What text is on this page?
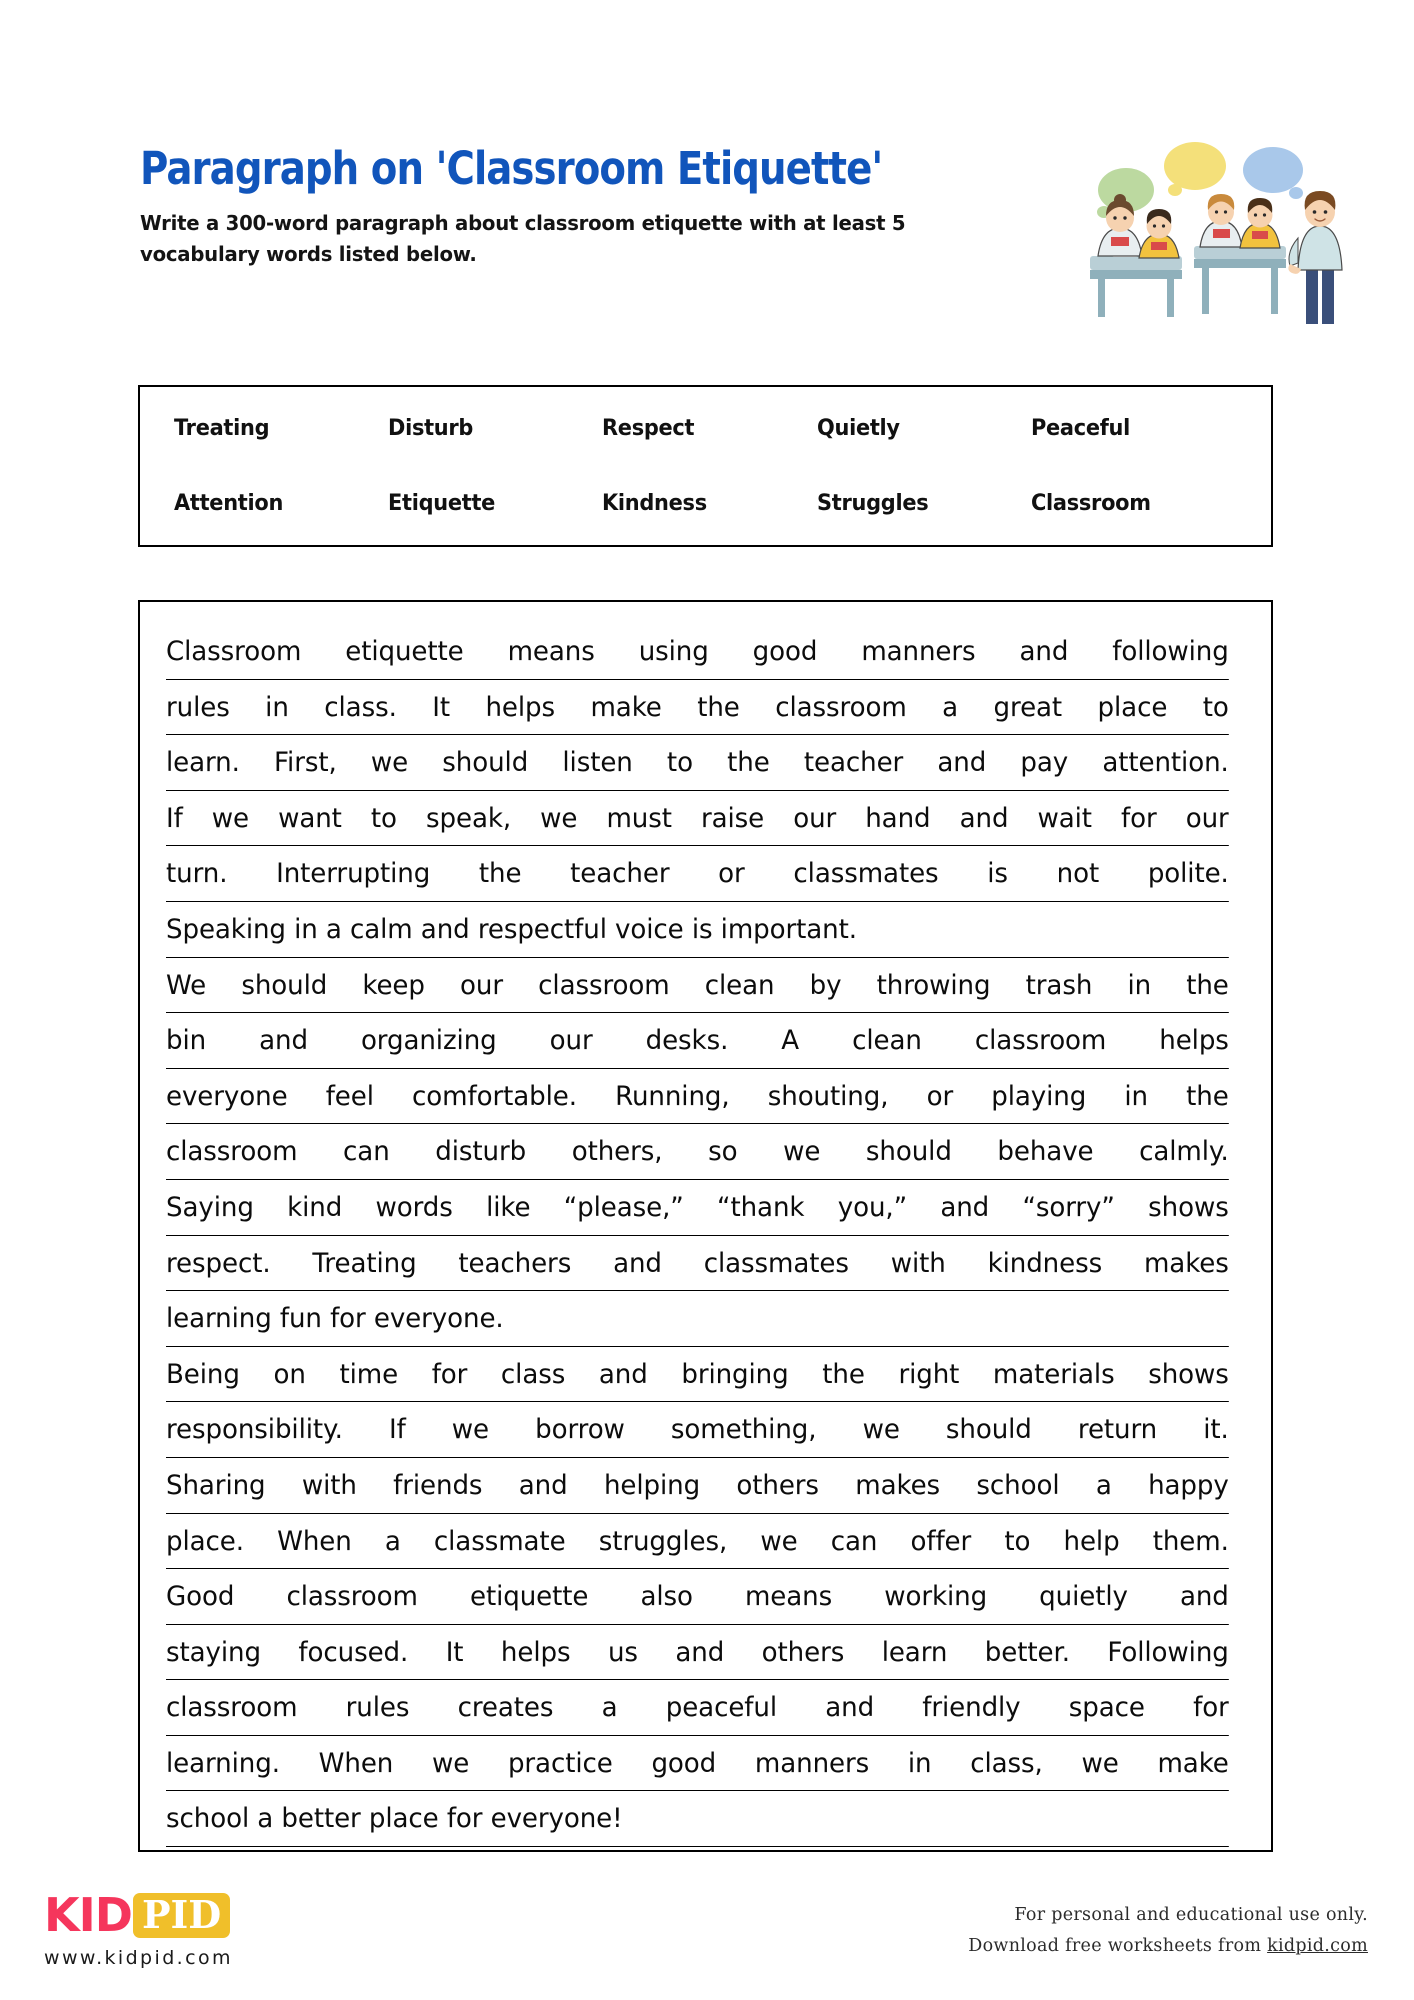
Paragraph on 'Classroom Etiquette'
Write a 300-word paragraph about classroom etiquette with at least 5 vocabulary words listed below.
Treating	Disturb	Respect	Quietly	Peaceful
Attention	Etiquette	Kindness	Struggles	Classroom
Classroom etiquette means using good manners and following
rules in class. It helps make the classroom a great place to
learn. First, we should listen to the teacher and pay attention.
If we want to speak, we must raise our hand and wait for our
turn. Interrupting the teacher or classmates is not polite.
Speaking in a calm and respectful voice is important.
We should keep our classroom clean by throwing trash in the
bin and organizing our desks. A clean classroom helps
everyone feel comfortable. Running, shouting, or playing in the
classroom can disturb others, so we should behave calmly.
Saying kind words like “please,” “thank you,” and “sorry” shows
respect. Treating teachers and classmates with kindness makes
learning fun for everyone.
Being on time for class and bringing the right materials shows
responsibility. If we borrow something, we should return it.
Sharing with friends and helping others makes school a happy
place. When a classmate struggles, we can offer to help them.
Good classroom etiquette also means working quietly and
staying focused. It helps us and others learn better. Following
classroom rules creates a peaceful and friendly space for
learning. When we practice good manners in class, we make
school a better place for everyone!
KID PID
www.kidpid.com
For personal and educational use only.
Download free worksheets from kidpid.com
